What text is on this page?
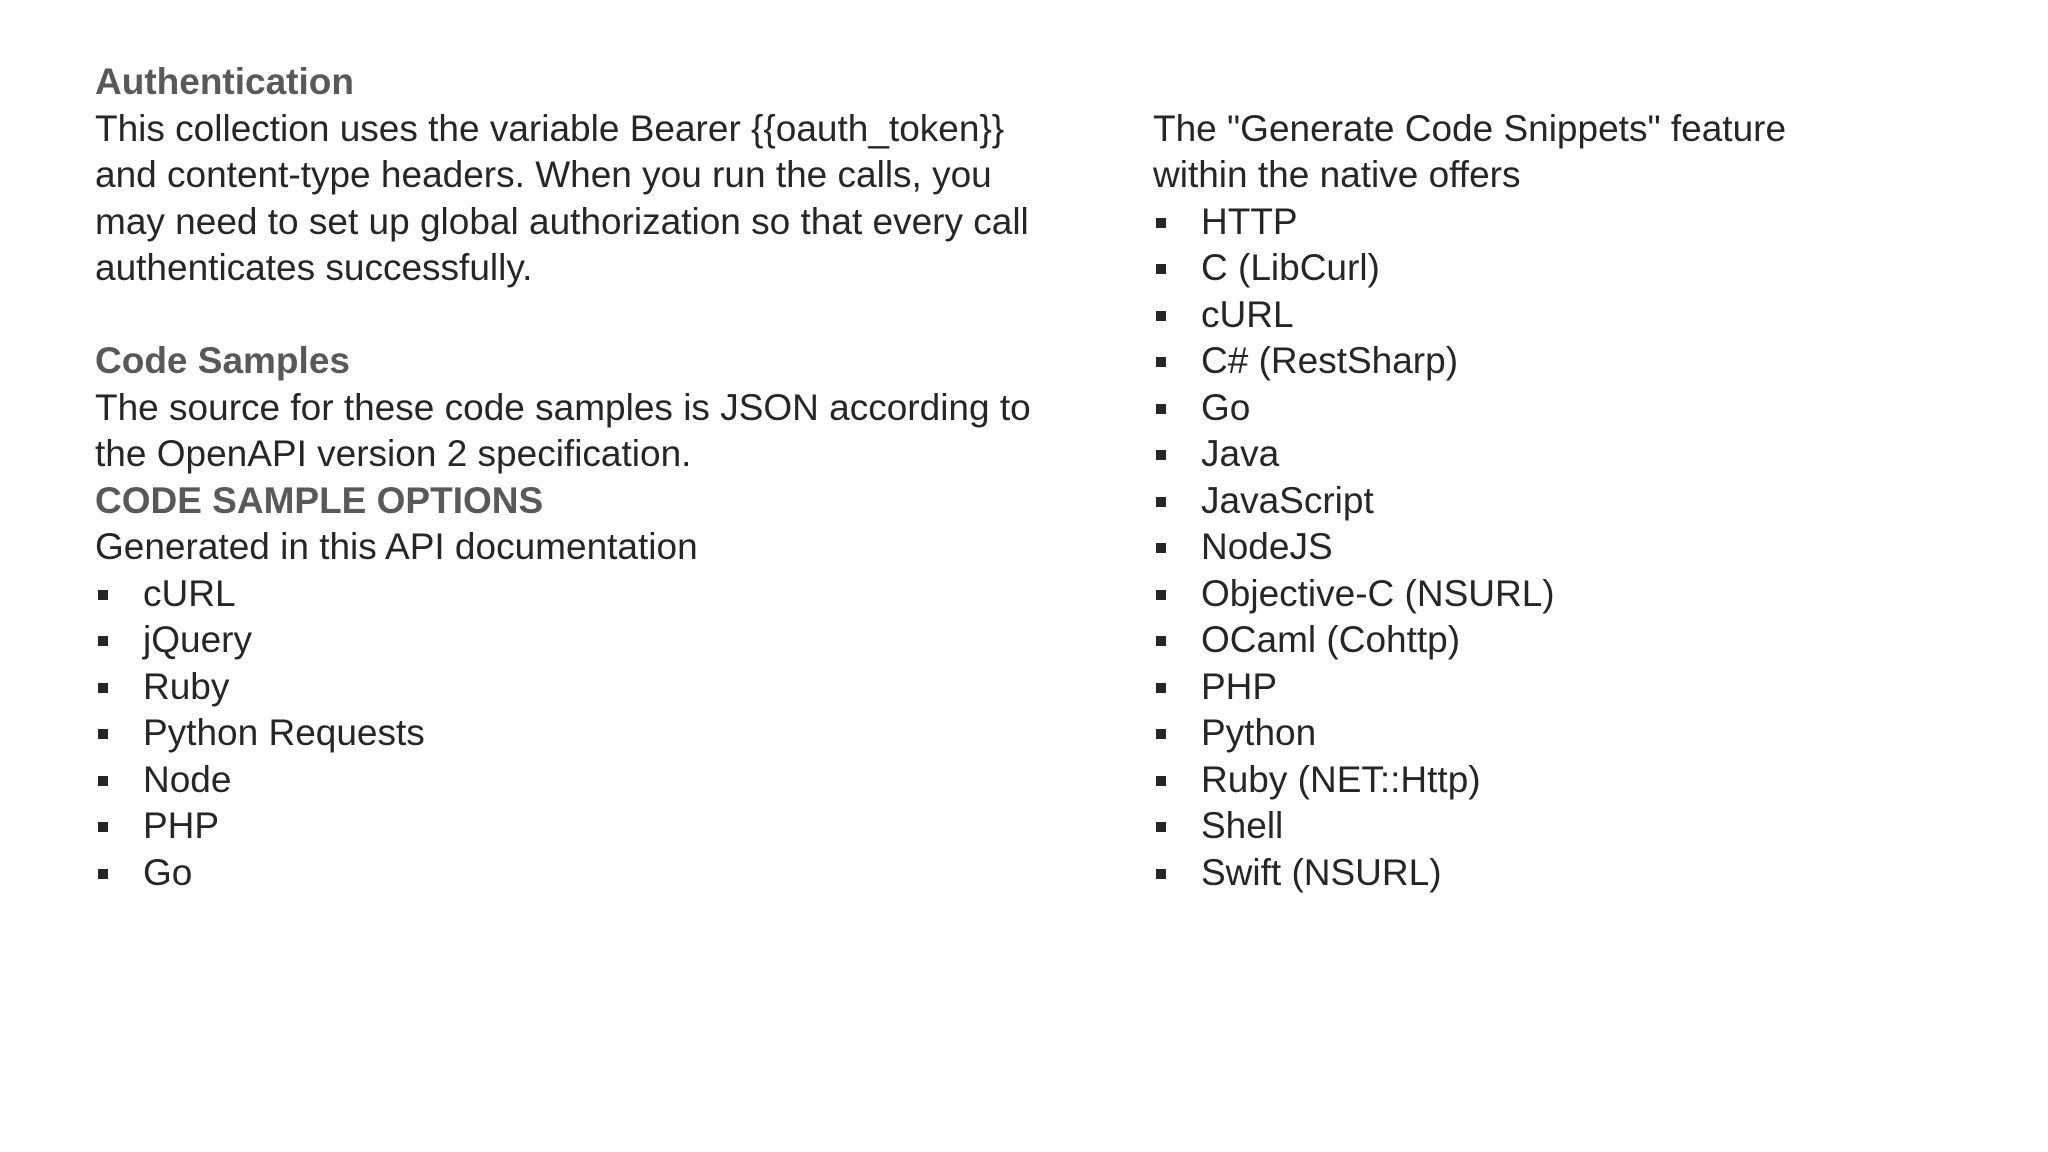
Authentication

This collection uses the variable Bearer {{oauth_token}}

and content-type headers. When you run the calls, you

may need to set up global authorization so that every call

authenticates successfully.

Code Samples

The source for these code samples is JSON according to

the OpenAPI version 2 specification.

CODE SAMPLE OPTIONS

Generated in this API documentation

cURL
jQuery
Ruby
Python Requests
Node
PHP
Go

The "Generate Code Snippets" feature

within the native offers

HTTP
C (LibCurl)
cURL
C# (RestSharp)
Go
Java
JavaScript
NodeJS
Objective-C (NSURL)
OCaml (Cohttp)
PHP
Python
Ruby (NET::Http)
Shell
Swift (NSURL)
